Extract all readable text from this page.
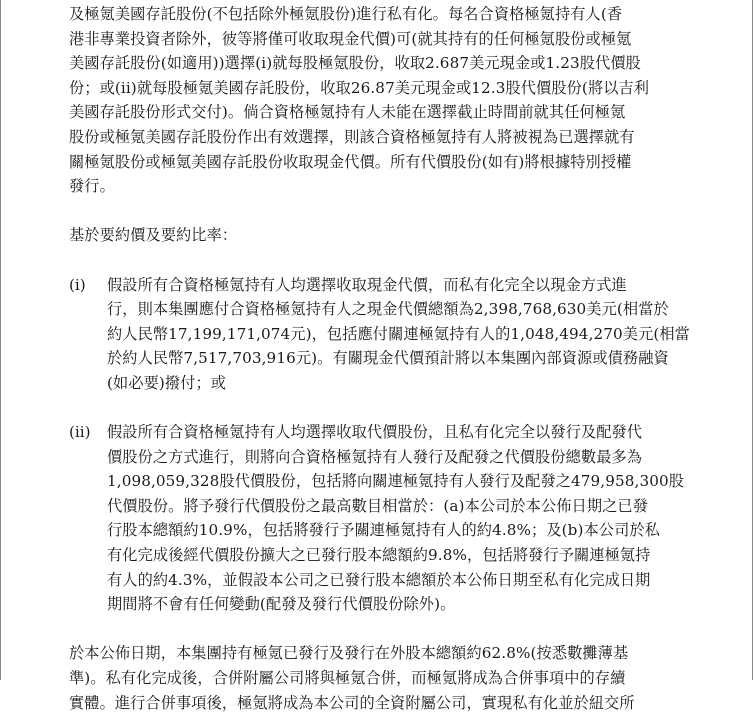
及極氪美國存託股份(不包括除外極氪股份)進行私有化。每名合資格極氪持有人(香
港非專業投資者除外，彼等將僅可收取現金代價)可(就其持有的任何極氪股份或極氪
美國存託股份(如適用))選擇(i)就每股極氪股份，收取2.687美元現金或1.23股代價股
份；或(ii)就每股極氪美國存託股份，收取26.87美元現金或12.3股代價股份(將以吉利
美國存託股份形式交付)。倘合資格極氪持有人未能在選擇截止時間前就其任何極氪
股份或極氪美國存託股份作出有效選擇，則該合資格極氪持有人將被視為已選擇就有
關極氪股份或極氪美國存託股份收取現金代價。所有代價股份(如有)將根據特別授權
發行。
基於要約價及要約比率：
(i) 假設所有合資格極氪持有人均選擇收取現金代價，而私有化完全以現金方式進
行，則本集團應付合資格極氪持有人之現金代價總額為2,398,768,630美元(相當於
約人民幣17,199,171,074元)，包括應付關連極氪持有人的1,048,494,270美元(相當
於約人民幣7,517,703,916元)。有關現金代價預計將以本集團內部資源或債務融資
(如必要)撥付；或
(ii) 假設所有合資格極氪持有人均選擇收取代價股份，且私有化完全以發行及配發代
價股份之方式進行，則將向合資格極氪持有人發行及配發之代價股份總數最多為
1,098,059,328股代價股份，包括將向關連極氪持有人發行及配發之479,958,300股
代價股份。將予發行代價股份之最高數目相當於：(a)本公司於本公佈日期之已發
行股本總額約10.9%，包括將發行予關連極氪持有人的約4.8%；及(b)本公司於私
有化完成後經代價股份擴大之已發行股本總額約9.8%，包括將發行予關連極氪持
有人的約4.3%，並假設本公司之已發行股本總額於本公佈日期至私有化完成日期
期間將不會有任何變動(配發及發行代價股份除外)。
於本公佈日期，本集團持有極氪已發行及發行在外股本總額約62.8%(按悉數攤薄基
準)。私有化完成後，合併附屬公司將與極氪合併，而極氪將成為合併事項中的存續
實體。進行合併事項後，極氪將成為本公司的全資附屬公司，實現私有化並於紐交所
